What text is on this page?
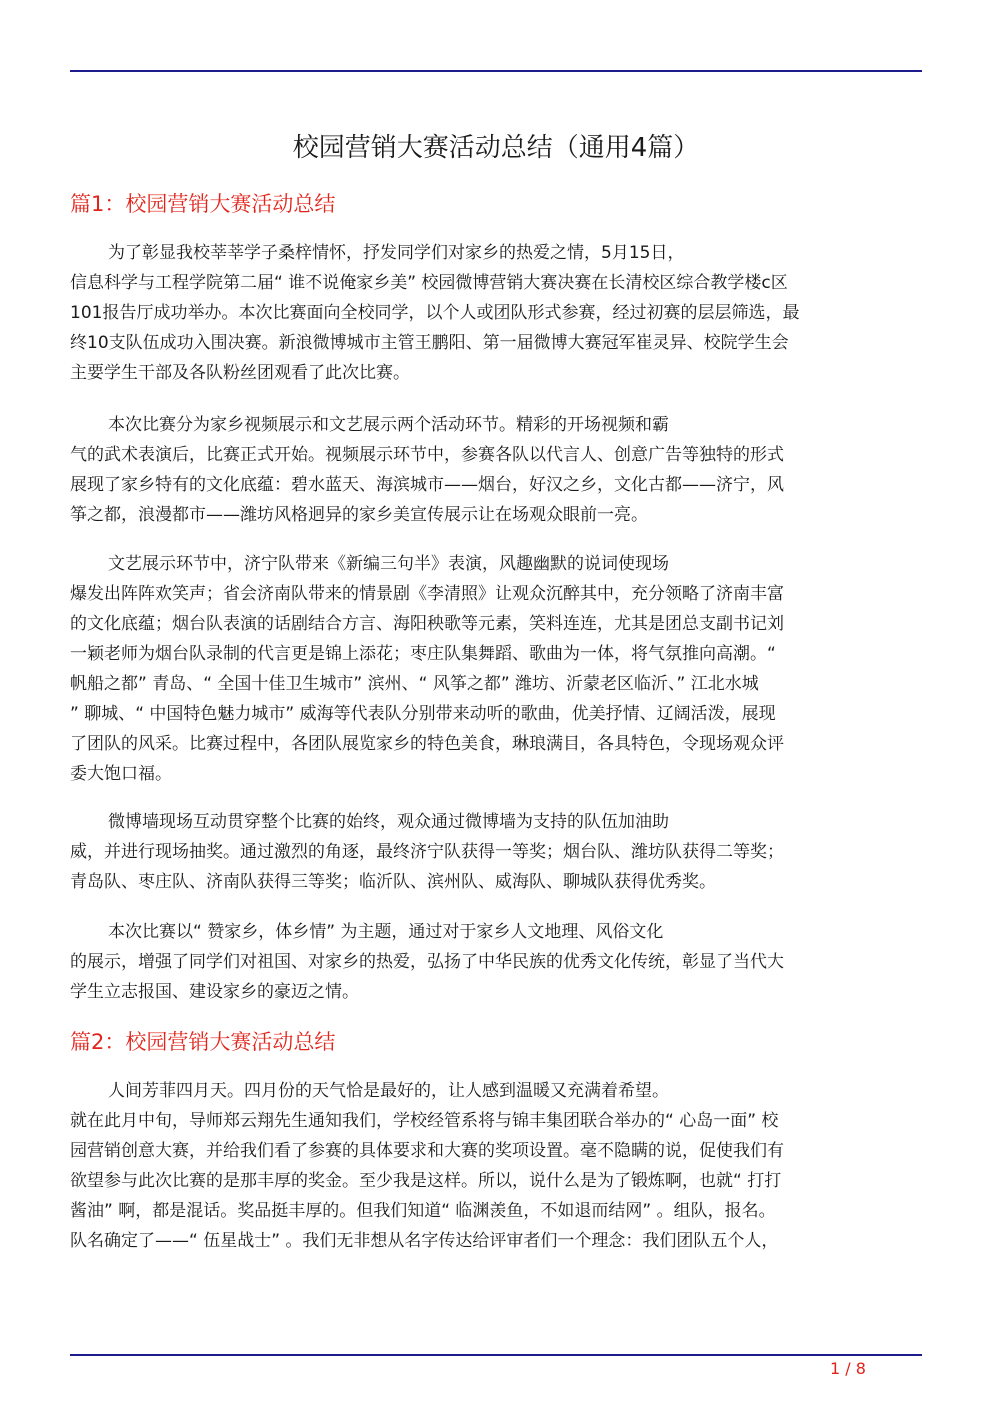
校园营销大赛活动总结（通用4篇）
篇1：校园营销大赛活动总结

为了彰显我校莘莘学子桑梓情怀，抒发同学们对家乡的热爱之情，5月15日，
信息科学与工程学院第二届“ 谁不说俺家乡美” 校园微博营销大赛决赛在长清校区综合教学楼c区
101报告厅成功举办。本次比赛面向全校同学，以个人或团队形式参赛，经过初赛的层层筛选，最
终10支队伍成功入围决赛。新浪微博城市主管王鹏阳、第一届微博大赛冠军崔灵异、校院学生会
主要学生干部及各队粉丝团观看了此次比赛。

本次比赛分为家乡视频展示和文艺展示两个活动环节。精彩的开场视频和霸
气的武术表演后，比赛正式开始。视频展示环节中，参赛各队以代言人、创意广告等独特的形式
展现了家乡特有的文化底蕴：碧水蓝天、海滨城市——烟台，好汉之乡，文化古都——济宁，风
筝之都，浪漫都市——潍坊风格迥异的家乡美宣传展示让在场观众眼前一亮。

文艺展示环节中，济宁队带来《新编三句半》表演，风趣幽默的说词使现场
爆发出阵阵欢笑声；省会济南队带来的情景剧《李清照》让观众沉醉其中，充分领略了济南丰富
的文化底蕴；烟台队表演的话剧结合方言、海阳秧歌等元素，笑料连连，尤其是团总支副书记刘
一颖老师为烟台队录制的代言更是锦上添花；枣庄队集舞蹈、歌曲为一体，将气氛推向高潮。“
帆船之都” 青岛、“ 全国十佳卫生城市” 滨州、“ 风筝之都” 潍坊、沂蒙老区临沂、” 江北水城
” 聊城、“ 中国特色魅力城市” 威海等代表队分别带来动听的歌曲，优美抒情、辽阔活泼，展现
了团队的风采。比赛过程中，各团队展览家乡的特色美食，琳琅满目，各具特色，令现场观众评
委大饱口福。

微博墙现场互动贯穿整个比赛的始终，观众通过微博墙为支持的队伍加油助
威，并进行现场抽奖。通过激烈的角逐，最终济宁队获得一等奖；烟台队、潍坊队获得二等奖；
青岛队、枣庄队、济南队获得三等奖；临沂队、滨州队、威海队、聊城队获得优秀奖。

本次比赛以“ 赞家乡，体乡情” 为主题，通过对于家乡人文地理、风俗文化
的展示，增强了同学们对祖国、对家乡的热爱，弘扬了中华民族的优秀文化传统，彰显了当代大
学生立志报国、建设家乡的豪迈之情。

篇2：校园营销大赛活动总结

人间芳菲四月天。四月份的天气恰是最好的，让人感到温暖又充满着希望。
就在此月中旬，导师郑云翔先生通知我们，学校经管系将与锦丰集团联合举办的“ 心岛一面” 校
园营销创意大赛，并给我们看了参赛的具体要求和大赛的奖项设置。毫不隐瞒的说，促使我们有
欲望参与此次比赛的是那丰厚的奖金。至少我是这样。所以，说什么是为了锻炼啊，也就“ 打打
酱油” 啊，都是混话。奖品挺丰厚的。但我们知道“ 临渊羡鱼，不如退而结网” 。组队，报名。
队名确定了——“ 伍星战士” 。我们无非想从名字传达给评审者们一个理念：我们团队五个人，

1 / 8
